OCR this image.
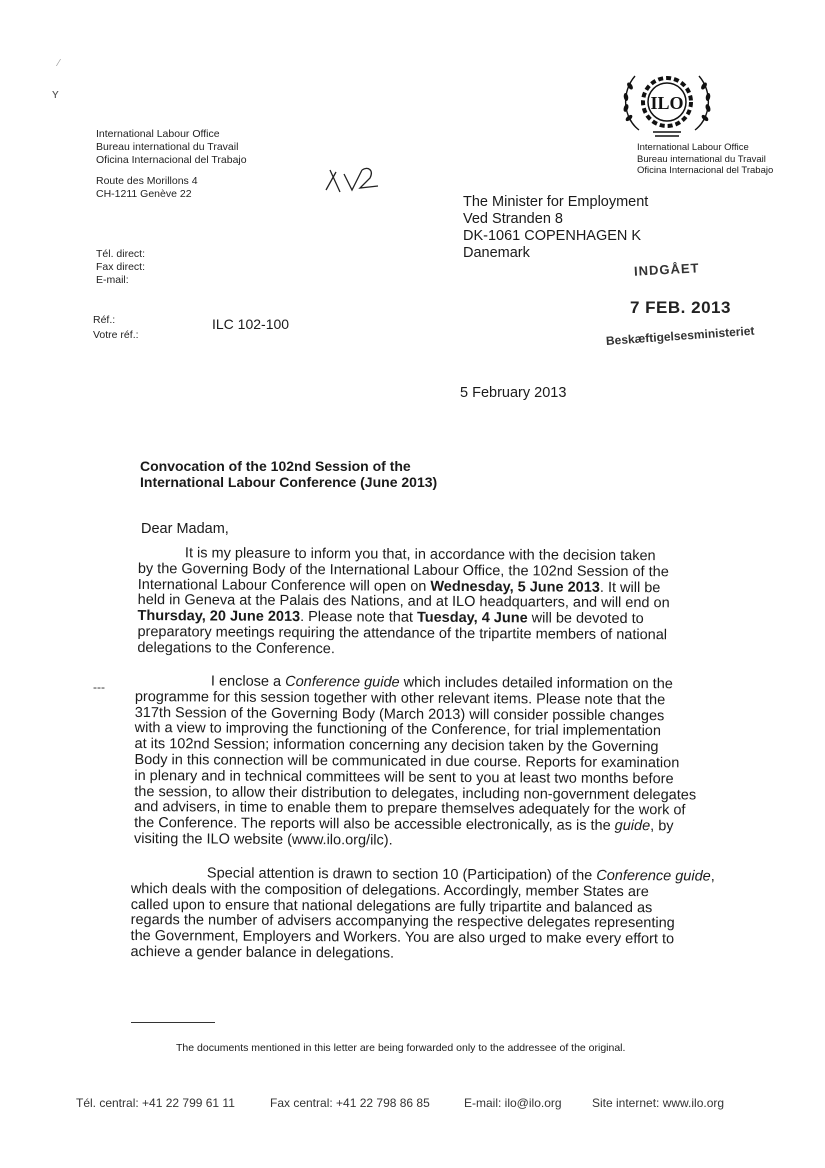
International Labour Office
Bureau international du Travail
Oficina Internacional del Trabajo
Route des Morillons 4
CH-1211 Genève 22
Tél. direct:
Fax direct:
E-mail:
Réf.:
Votre réf.:
ILC 102-100
ILO
International Labour Office
Bureau international du Travail
Oficina Internacional del Trabajo
The Minister for Employment
Ved Stranden 8
DK-1061 COPENHAGEN K
Danemark
INDGÅET
7 FEB. 2013
Beskæftigelsesministeriet
⁄
ʏ
---
5 February 2013
Convocation of the 102nd Session of the
International Labour Conference (June 2013)
Dear Madam,
It is my pleasure to inform you that, in accordance with the decision taken
by the Governing Body of the International Labour Office, the 102nd Session of the
International Labour Conference will open on Wednesday, 5 June 2013. It will be
held in Geneva at the Palais des Nations, and at ILO headquarters, and will end on
Thursday, 20 June 2013. Please note that Tuesday, 4 June will be devoted to
preparatory meetings requiring the attendance of the tripartite members of national
delegations to the Conference.
I enclose a Conference guide which includes detailed information on the
programme for this session together with other relevant items. Please note that the
317th Session of the Governing Body (March 2013) will consider possible changes
with a view to improving the functioning of the Conference, for trial implementation
at its 102nd Session; information concerning any decision taken by the Governing
Body in this connection will be communicated in due course. Reports for examination
in plenary and in technical committees will be sent to you at least two months before
the session, to allow their distribution to delegates, including non-government delegates
and advisers, in time to enable them to prepare themselves adequately for the work of
the Conference. The reports will also be accessible electronically, as is the guide, by
visiting the ILO website (www.ilo.org/ilc).
Special attention is drawn to section 10 (Participation) of the Conference guide,
which deals with the composition of delegations. Accordingly, member States are
called upon to ensure that national delegations are fully tripartite and balanced as
regards the number of advisers accompanying the respective delegates representing
the Government, Employers and Workers. You are also urged to make every effort to
achieve a gender balance in delegations.
The documents mentioned in this letter are being forwarded only to the addressee of the original.
Tél. central: +41 22 799 61 11	Fax central: +41 22 798 86 85	E-mail: ilo@ilo.org	Site internet: www.ilo.org
